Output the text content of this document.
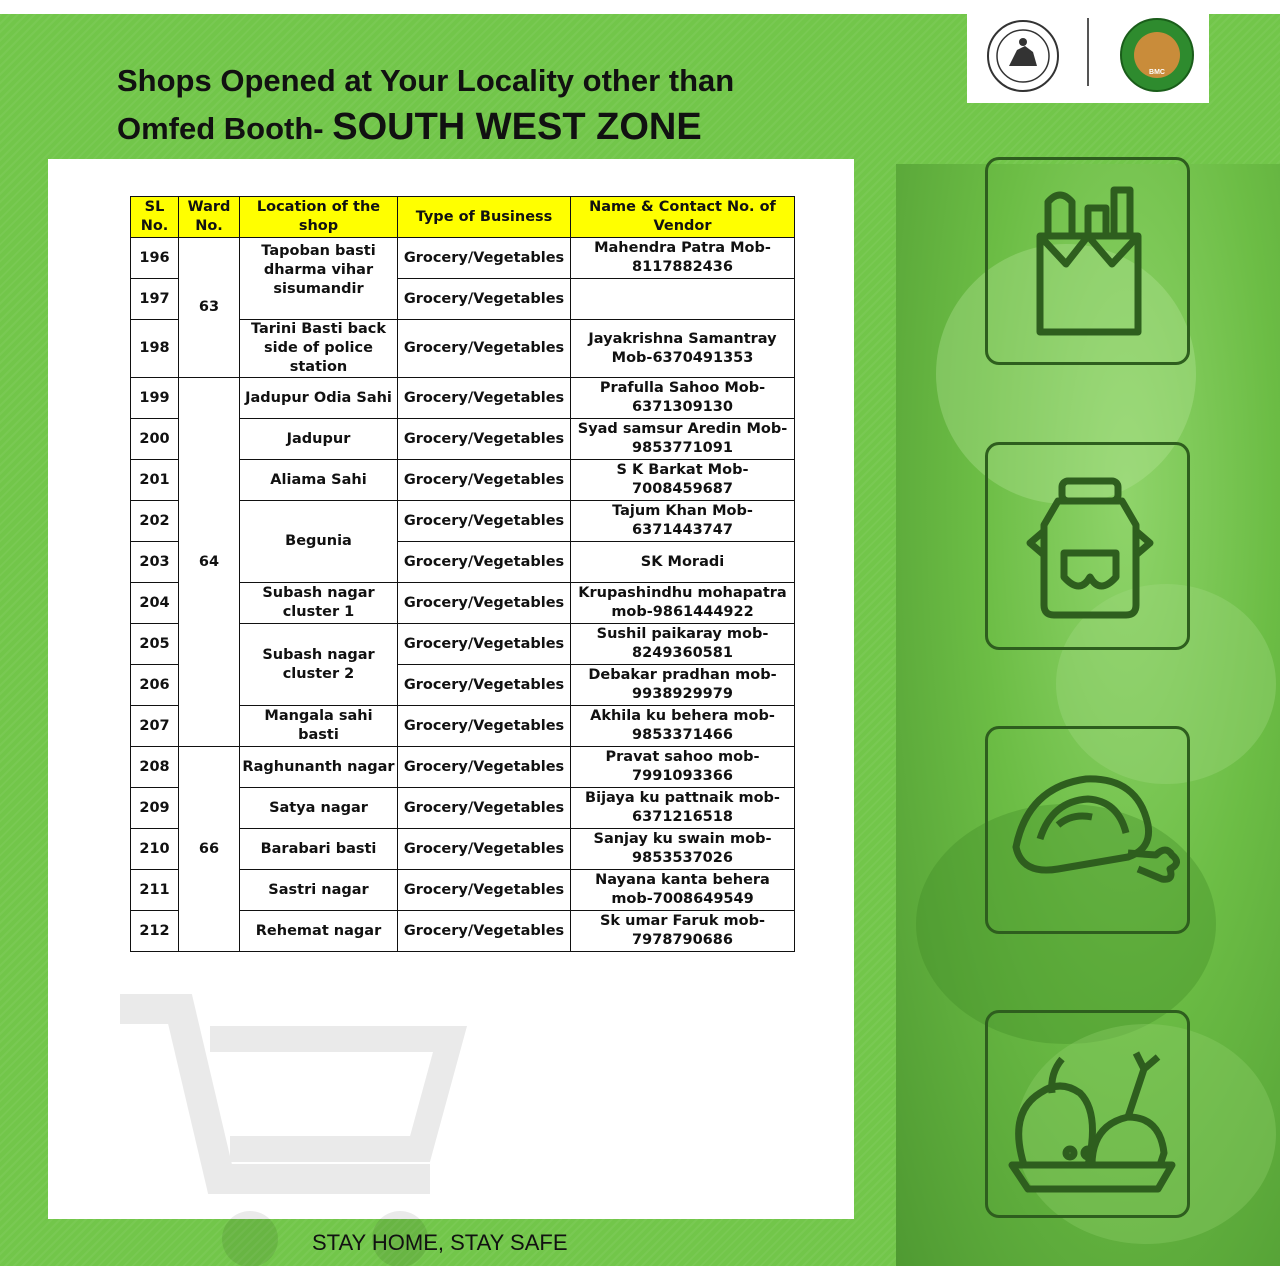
Shops Opened at Your Locality other than
Omfed Booth- SOUTH WEST ZONE
BMC
SL No.	Ward No.	Location of the shop	Type of Business	Name & Contact No. of Vendor
196	63	Tapoban basti dharma vihar sisumandir	Grocery/Vegetables	Mahendra Patra Mob-8117882436
197			Grocery/Vegetables	
198		Tarini Basti back side of police station	Grocery/Vegetables	Jayakrishna Samantray Mob-6370491353
199	64	Jadupur Odia Sahi	Grocery/Vegetables	Prafulla Sahoo Mob-6371309130
200		Jadupur	Grocery/Vegetables	Syad samsur Aredin Mob-9853771091
201		Aliama Sahi	Grocery/Vegetables	S K Barkat Mob-7008459687
202		Begunia	Grocery/Vegetables	Tajum Khan Mob-6371443747
203			Grocery/Vegetables	SK Moradi
204		Subash nagar cluster 1	Grocery/Vegetables	Krupashindhu mohapatra mob-9861444922
205		Subash nagar cluster 2	Grocery/Vegetables	Sushil paikaray mob-8249360581
206			Grocery/Vegetables	Debakar pradhan mob-9938929979
207		Mangala sahi basti	Grocery/Vegetables	Akhila ku behera mob-9853371466
208	66	Raghunanth nagar	Grocery/Vegetables	Pravat sahoo mob-7991093366
209		Satya nagar	Grocery/Vegetables	Bijaya ku pattnaik mob-6371216518
210		Barabari basti	Grocery/Vegetables	Sanjay ku swain mob-9853537026
211		Sastri nagar	Grocery/Vegetables	Nayana kanta behera mob-7008649549
212		Rehemat nagar	Grocery/Vegetables	Sk umar Faruk mob-7978790686
STAY HOME, STAY SAFE
